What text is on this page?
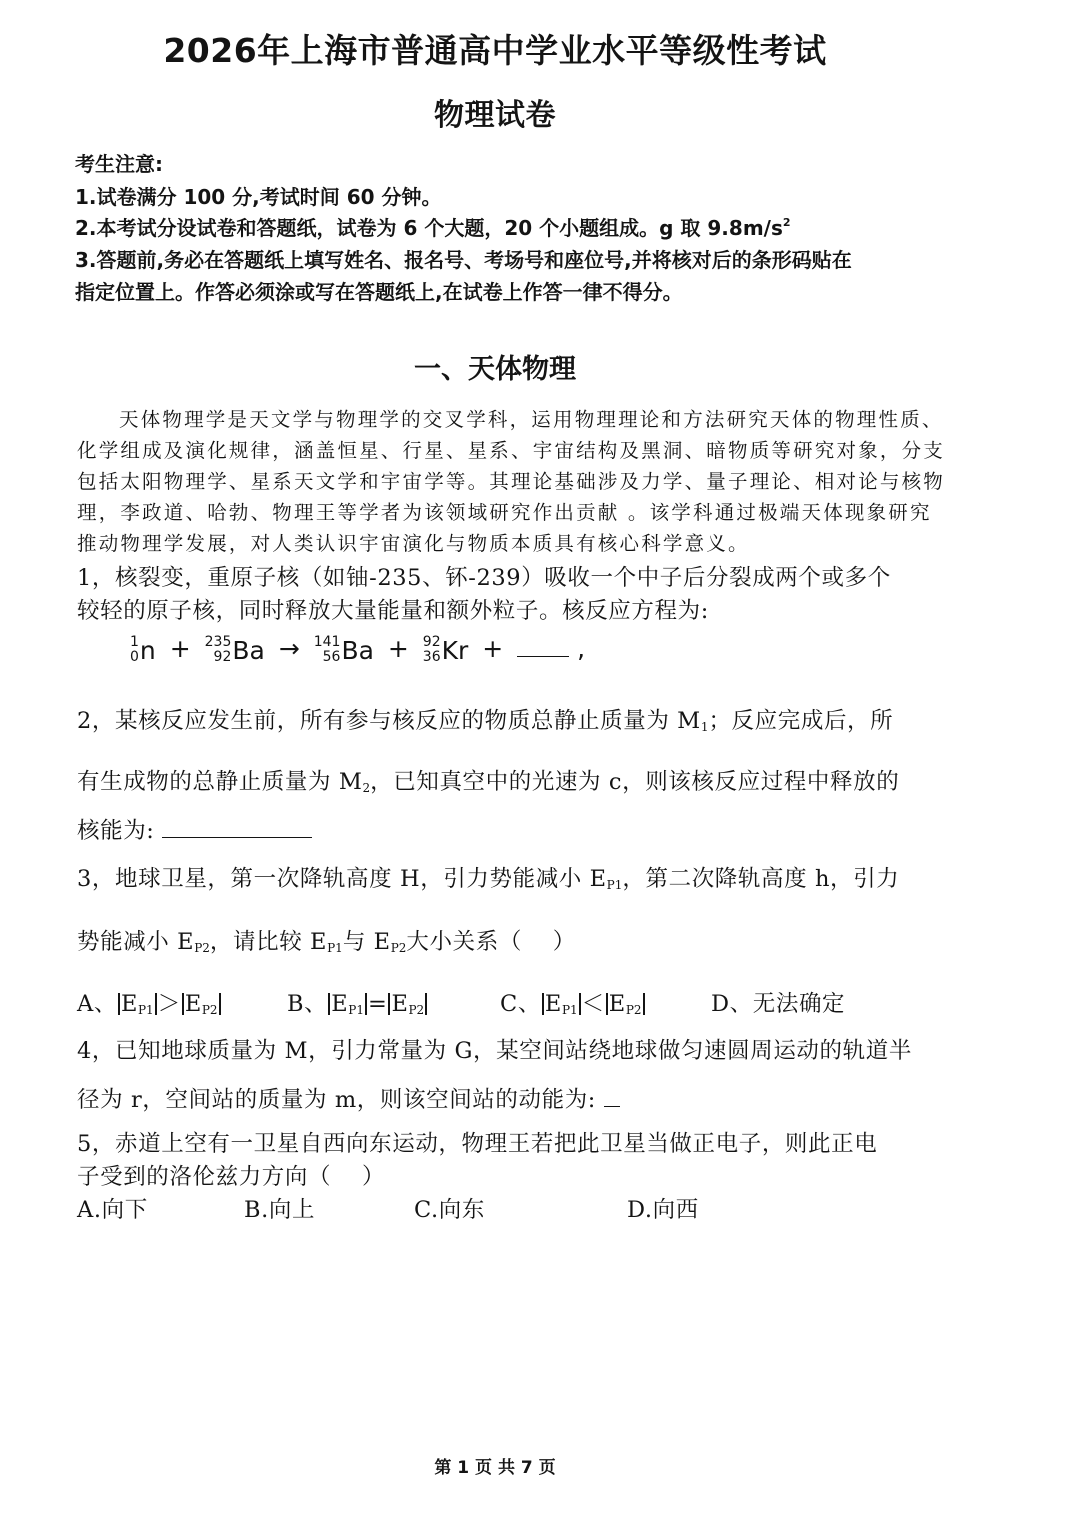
2026年上海市普通高中学业水平等级性考试
物理试卷
考生注意:
1.试卷满分 100 分,考试时间 60 分钟。
2.本考试分设试卷和答题纸，试卷为 6 个大题，20 个小题组成。g 取 $9.8m/s^2$
3.答题前,务必在答题纸上填写姓名、报名号、考场号和座位号,并将核对后的条形码贴在
指定位置上。作答必须涂或写在答题纸上,在试卷上作答一律不得分。
一、天体物理
天体物理学是天文学与物理学的交叉学科，运用物理理论和方法研究天体的物理性质、
化学组成及演化规律，涵盖恒星、行星、星系、宇宙结构及黑洞、暗物质等研究对象，分支
包括太阳物理学、星系天文学和宇宙学等。其理论基础涉及力学、量子理论、相对论与核物
理，李政道、哈勃、物理王等学者为该领域研究作出贡献 。该学科通过极端天体现象研究
推动物理学发展，对人类认识宇宙演化与物质本质具有核心科学意义。
1，核裂变，重原子核（如铀-235、钚-239）吸收一个中子后分裂成两个或多个
较轻的原子核，同时释放大量能量和额外粒子。核反应方程为:
1
0 n + 235
92 Ba → 141
56 Ba + 92
36 Kr +	,
2，某核反应发生前，所有参与核反应的物质总静止质量为 $M_1$；反应完成后，所
有生成物的总静止质量为 $M_2$，已知真空中的光速为 c，则该核反应过程中释放的
核能为:
3，地球卫星，第一次降轨高度 H，引力势能减小 $E_{P1}$，第二次降轨高度 h，引力
势能减小 $E_{P2}$，请比较 $E_{P1}$与 $E_{P2}$大小关系（　 ）
A、 $E_{P1} > E_{P2}$	B、 $E_{P1} = E_{P2}$	C、 $E_{P1} < E_{P2}$	D、无法确定
4，已知地球质量为 M，引力常量为 G，某空间站绕地球做匀速圆周运动的轨道半
径为 r，空间站的质量为 m，则该空间站的动能为:
5，赤道上空有一卫星自西向东运动，物理王若把此卫星当做正电子，则此正电
子受到的洛伦兹力方向（　 ）
A.向下	B.向上	C.向东	D.向西
第 1 页 共 7 页
